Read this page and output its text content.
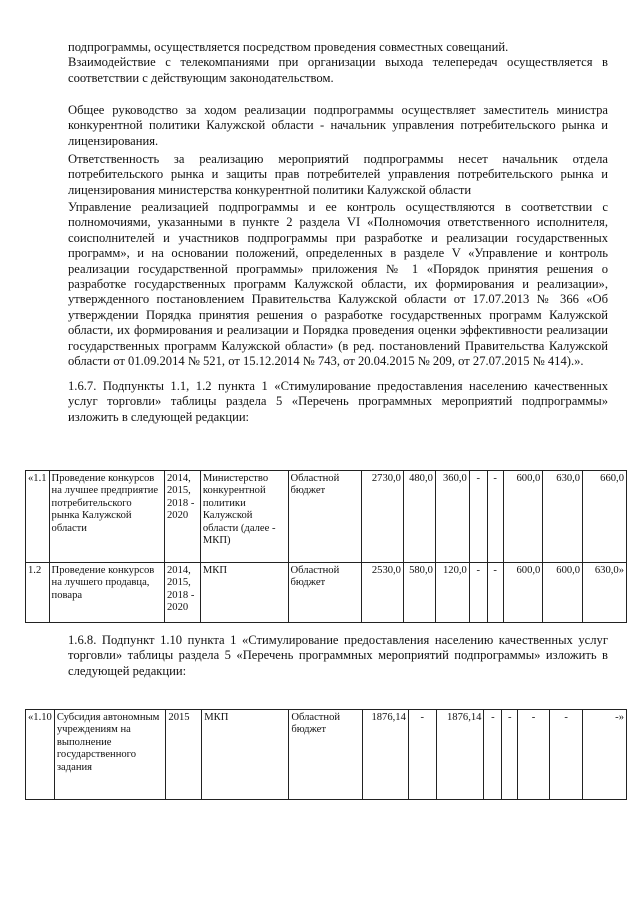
подпрограммы, осуществляется посредством проведения совместных совещаний.
Взаимодействие с телекомпаниями при организации выхода телепередач осуществляется в соответствии с действующим законодательством.
Общее руководство за ходом реализации подпрограммы осуществляет заместитель министра конкурентной политики Калужской области - начальник управления потребительского рынка и лицензирования.
Ответственность за реализацию мероприятий подпрограммы несет начальник отдела потребительского рынка и защиты прав потребителей управления потребительского рынка и лицензирования министерства конкурентной политики Калужской области
Управление реализацией подпрограммы и ее контроль осуществляются в соответствии с полномочиями, указанными в пункте 2 раздела VI «Полномочия ответственного исполнителя, соисполнителей и участников подпрограммы при разработке и реализации государственных программ», и на основании положений, определенных в разделе V «Управление и контроль реализации государственной программы» приложения № 1 «Порядок принятия решения о разработке государственных программ Калужской области, их формирования и реализации», утвержденного постановлением Правительства Калужской области от 17.07.2013 № 366 «Об утверждении Порядка принятия решения о разработке государственных программ Калужской области, их формирования и реализации и Порядка проведения оценки эффективности реализации государственных программ Калужской области» (в ред. постановлений Правительства Калужской области от 01.09.2014 № 521, от 15.12.2014 № 743, от 20.04.2015 № 209, от 27.07.2015 № 414).».
1.6.7. Подпункты 1.1, 1.2 пункта 1 «Стимулирование предоставления населению качественных услуг торговли» таблицы раздела 5 «Перечень программных мероприятий подпрограммы» изложить в следующей редакции:
«1.1	Проведение конкурсов на лучшее предприятие потребительского рынка Калужской области	2014, 2015, 2018 - 2020	Министерство конкурентной политики Калужской области (далее - МКП)	Областной бюджет	2730,0	480,0	360,0	-	-	600,0	630,0	660,0
1.2	Проведение конкурсов на лучшего продавца, повара	2014, 2015, 2018 - 2020	МКП	Областной бюджет	2530,0	580,0	120,0	-	-	600,0	600,0	630,0»
1.6.8. Подпункт 1.10 пункта 1 «Стимулирование предоставления населению качественных услуг торговли» таблицы раздела 5 «Перечень программных мероприятий подпрограммы» изложить в следующей редакции:
«1.10	Субсидия автономным учреждениям на выполнение государственного задания	2015	МКП	Областной бюджет	1876,14	-	1876,14	-	-	-	-	-»
